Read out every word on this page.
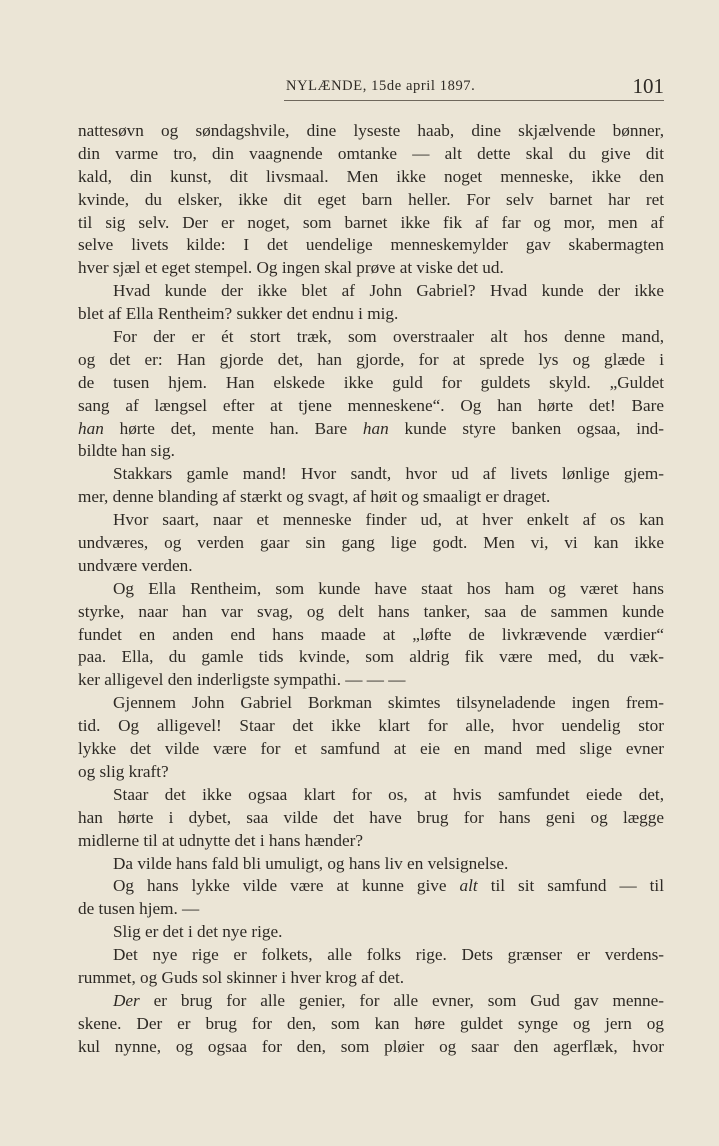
NYLÆNDE, 15de april 1897.	101
nattesøvn og søndagshvile, dine lyseste haab, dine skjælvende bønner,
din varme tro, din vaagnende omtanke — alt dette skal du give dit
kald, din kunst, dit livsmaal. Men ikke noget menneske, ikke den
kvinde, du elsker, ikke dit eget barn heller. For selv barnet har ret
til sig selv. Der er noget, som barnet ikke fik af far og mor, men af
selve livets kilde: I det uendelige menneskemylder gav skabermagten
hver sjæl et eget stempel. Og ingen skal prøve at viske det ud.
Hvad kunde der ikke blet af John Gabriel? Hvad kunde der ikke
blet af Ella Rentheim? sukker det endnu i mig.
For der er ét stort træk, som overstraaler alt hos denne mand,
og det er: Han gjorde det, han gjorde, for at sprede lys og glæde i
de tusen hjem. Han elskede ikke guld for guldets skyld. „Guldet
sang af længsel efter at tjene menneskene“. Og han hørte det! Bare
han hørte det, mente han. Bare han kunde styre banken ogsaa, ind-
bildte han sig.
Stakkars gamle mand! Hvor sandt, hvor ud af livets lønlige gjem-
mer, denne blanding af stærkt og svagt, af høit og smaaligt er draget.
Hvor saart, naar et menneske finder ud, at hver enkelt af os kan
undværes, og verden gaar sin gang lige godt. Men vi, vi kan ikke
undvære verden.
Og Ella Rentheim, som kunde have staat hos ham og været hans
styrke, naar han var svag, og delt hans tanker, saa de sammen kunde
fundet en anden end hans maade at „løfte de livkrævende værdier“
paa. Ella, du gamle tids kvinde, som aldrig fik være med, du væk-
ker alligevel den inderligste sympathi. — — —
Gjennem John Gabriel Borkman skimtes tilsyneladende ingen frem-
tid. Og alligevel! Staar det ikke klart for alle, hvor uendelig stor
lykke det vilde være for et samfund at eie en mand med slige evner
og slig kraft?
Staar det ikke ogsaa klart for os, at hvis samfundet eiede det,
han hørte i dybet, saa vilde det have brug for hans geni og lægge
midlerne til at udnytte det i hans hænder?
Da vilde hans fald bli umuligt, og hans liv en velsignelse.
Og hans lykke vilde være at kunne give alt til sit samfund — til
de tusen hjem. —
Slig er det i det nye rige.
Det nye rige er folkets, alle folks rige. Dets grænser er verdens-
rummet, og Guds sol skinner i hver krog af det.
Der er brug for alle genier, for alle evner, som Gud gav menne-
skene. Der er brug for den, som kan høre guldet synge og jern og
kul nynne, og ogsaa for den, som pløier og saar den agerflæk, hvor
